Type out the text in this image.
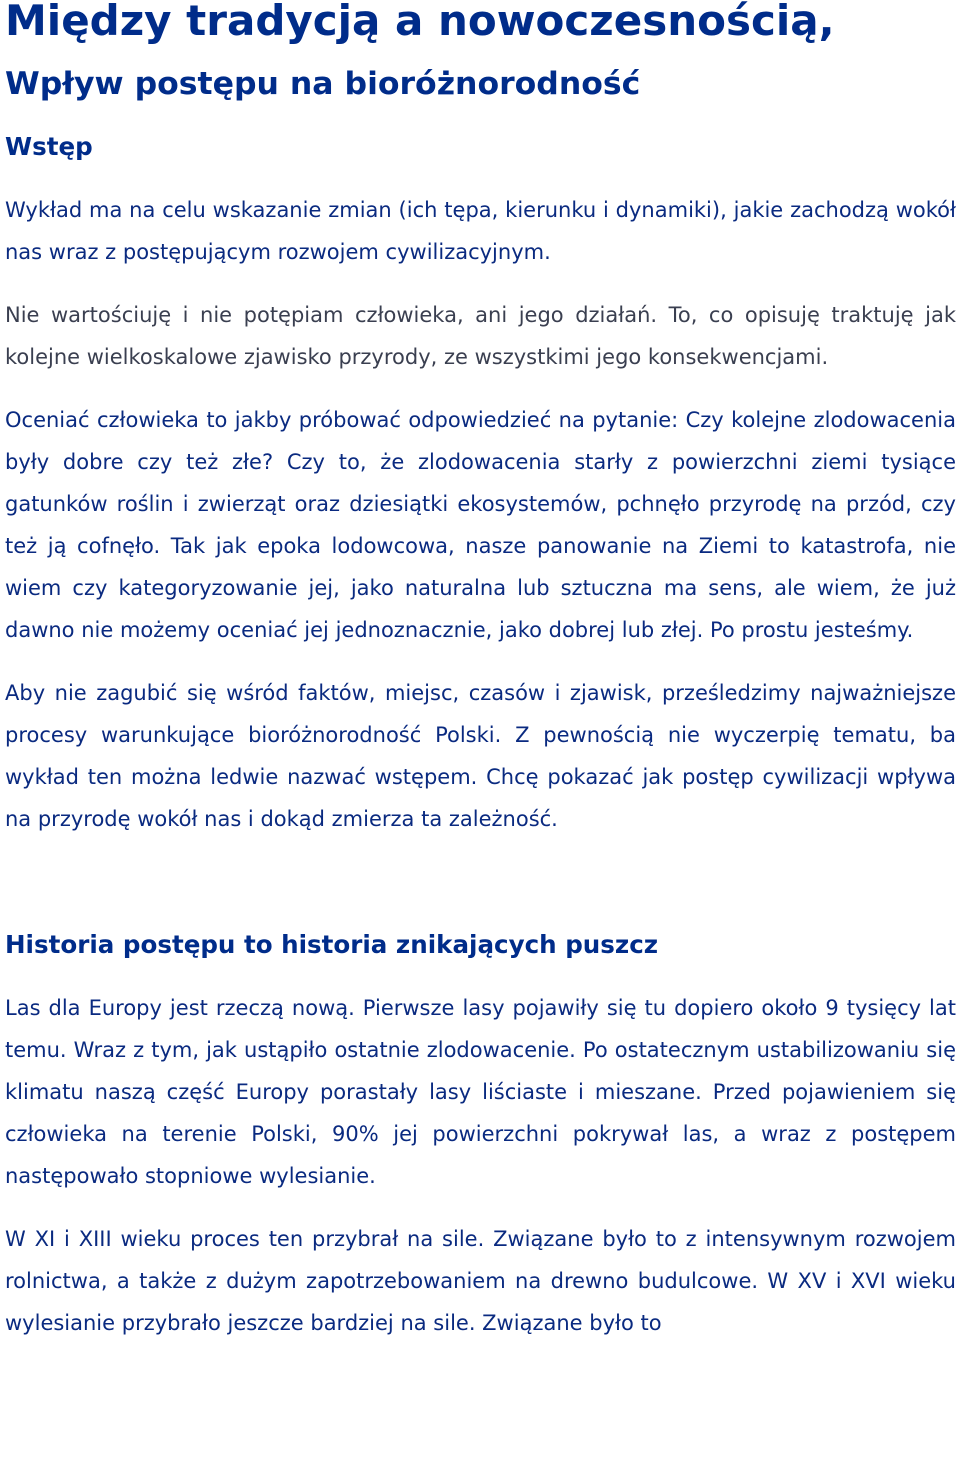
Między tradycją a nowoczesnością,
Wpływ postępu na bioróżnorodność
Wstęp

Wykład ma na celu wskazanie zmian (ich tępa, kierunku i dynamiki), jakie zachodzą wokół nas wraz z postępującym rozwojem cywilizacyjnym.

Nie wartościuję i nie potępiam człowieka, ani jego działań. To, co opisuję traktuję jak kolejne wielkoskalowe zjawisko przyrody, ze wszystkimi jego konsekwencjami.

Oceniać człowieka to jakby próbować odpowiedzieć na pytanie: Czy kolejne zlodowacenia były dobre czy też złe? Czy to, że zlodowacenia starły z powierzchni ziemi tysiące gatunków roślin i zwierząt oraz dziesiątki ekosystemów, pchnęło przyrodę na przód, czy też ją cofnęło. Tak jak epoka lodowcowa, nasze panowanie na Ziemi to katastrofa, nie wiem czy kategoryzowanie jej, jako naturalna lub sztuczna ma sens, ale wiem, że już dawno nie możemy oceniać jej jednoznacznie, jako dobrej lub złej. Po prostu jesteśmy.

Aby nie zagubić się wśród faktów, miejsc, czasów i zjawisk, prześledzimy najważniejsze procesy warunkujące bioróżnorodność Polski. Z pewnością nie wyczerpię tematu, ba wykład ten można ledwie nazwać wstępem. Chcę pokazać jak postęp cywilizacji wpływa na przyrodę wokół nas i dokąd zmierza ta zależność.

Historia postępu to historia znikających puszcz

Las dla Europy jest rzeczą nową. Pierwsze lasy pojawiły się tu dopiero około 9 tysięcy lat temu. Wraz z tym, jak ustąpiło ostatnie zlodowacenie. Po ostatecznym ustabilizowaniu się klimatu naszą część Europy porastały lasy liściaste i mieszane. Przed pojawieniem się człowieka na terenie Polski, 90% jej powierzchni pokrywał las, a wraz z postępem następowało stopniowe wylesianie.

W XI i XIII wieku proces ten przybrał na sile. Związane było to z intensywnym rozwojem rolnictwa, a także z dużym zapotrzebowaniem na drewno budulcowe. W XV i XVI wieku wylesianie przybrało jeszcze bardziej na sile. Związane było to
